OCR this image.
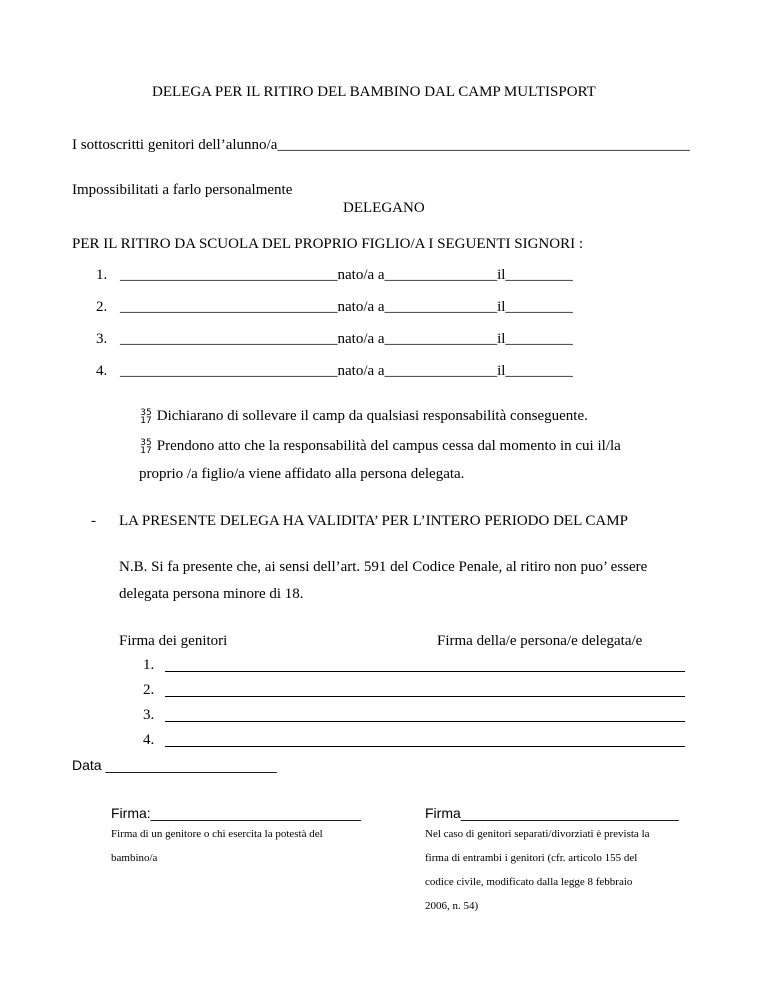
DELEGA PER IL RITIRO DEL BAMBINO DAL CAMP MULTISPORT
I sottoscritti genitori dell’alunno/a_______________________________________________________
Impossibilitati a farlo personalmente
DELEGANO
PER IL RITIRO DA SCUOLA DEL PROPRIO FIGLIO/A I SEGUENTI SIGNORI :
1. _____________________________nato/a a_______________il_________
2. _____________________________nato/a a_______________il_________
3. _____________________________nato/a a_______________il_________
4. _____________________________nato/a a_______________il_________
35
17 Dichiarano di sollevare il camp da qualsiasi responsabilità conseguente.
35
17 Prendono atto che la responsabilità del campus cessa dal momento in cui il/la
proprio /a figlio/a viene affidato alla persona delegata.
- LA PRESENTE DELEGA HA VALIDITA’ PER L’INTERO PERIODO DEL CAMP
N.B. Si fa presente che, ai sensi dell’art. 591 del Codice Penale, al ritiro non puo’ essere
delegata persona minore di 18.
Firma dei genitori	Firma della/e persona/e delegata/e
1.
2.
3.
4.
Data ______________________
Firma:___________________________	Firma____________________________
Firma di un genitore o chi esercita la potestà del
bambino/a
Nel caso di genitori separati/divorziati è prevista la
firma di entrambi i genitori (cfr. articolo 155 del
codice civile, modificato dalla legge 8 febbraio
2006, n. 54)
